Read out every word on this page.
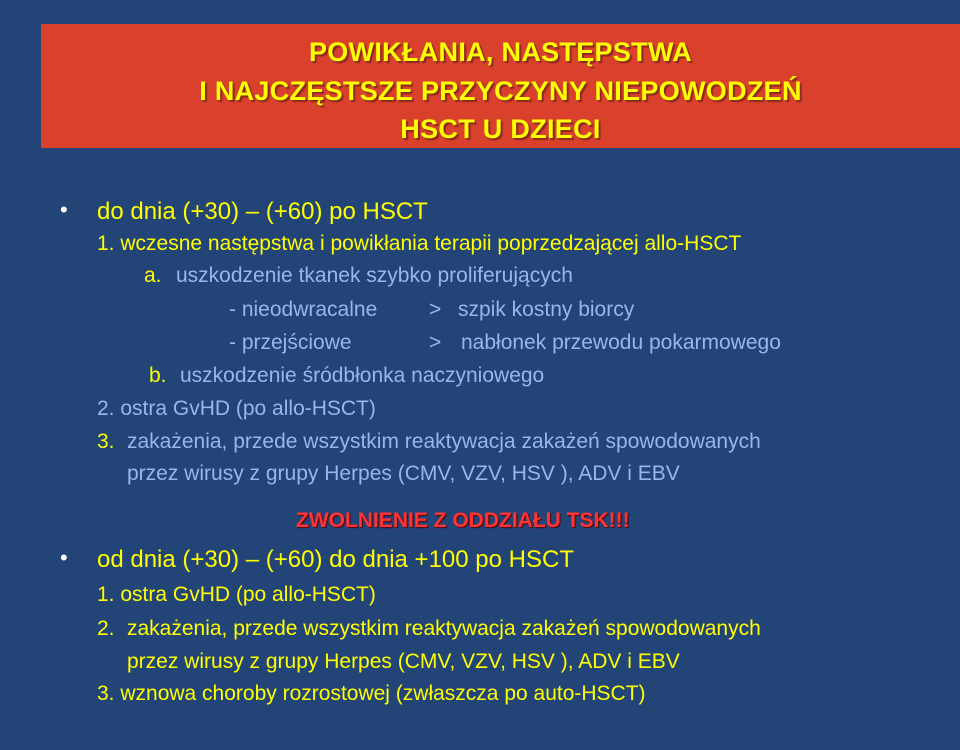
POWIKŁANIA, NASTĘPSTWA
I NAJCZĘSTSZE PRZYCZYNY NIEPOWODZEŃ
HSCT U DZIECI
• do dnia (+30) – (+60) po HSCT
1. wczesne następstwa i powikłania terapii poprzedzającej allo-HSCT
a. uszkodzenie tkanek szybko proliferujących
- nieodwracalne > szpik kostny biorcy
- przejściowe	> nabłonek przewodu pokarmowego
b. uszkodzenie śródbłonka naczyniowego
2. ostra GvHD (po allo-HSCT)
3. zakażenia, przede wszystkim reaktywacja zakażeń spowodowanych
przez wirusy z grupy Herpes (CMV, VZV, HSV ), ADV i EBV
ZWOLNIENIE Z ODDZIAŁU TSK!!!
• od dnia (+30) – (+60) do dnia +100 po HSCT
1. ostra GvHD (po allo-HSCT)
2. zakażenia, przede wszystkim reaktywacja zakażeń spowodowanych
przez wirusy z grupy Herpes (CMV, VZV, HSV ), ADV i EBV
3. wznowa choroby rozrostowej (zwłaszcza po auto-HSCT)
